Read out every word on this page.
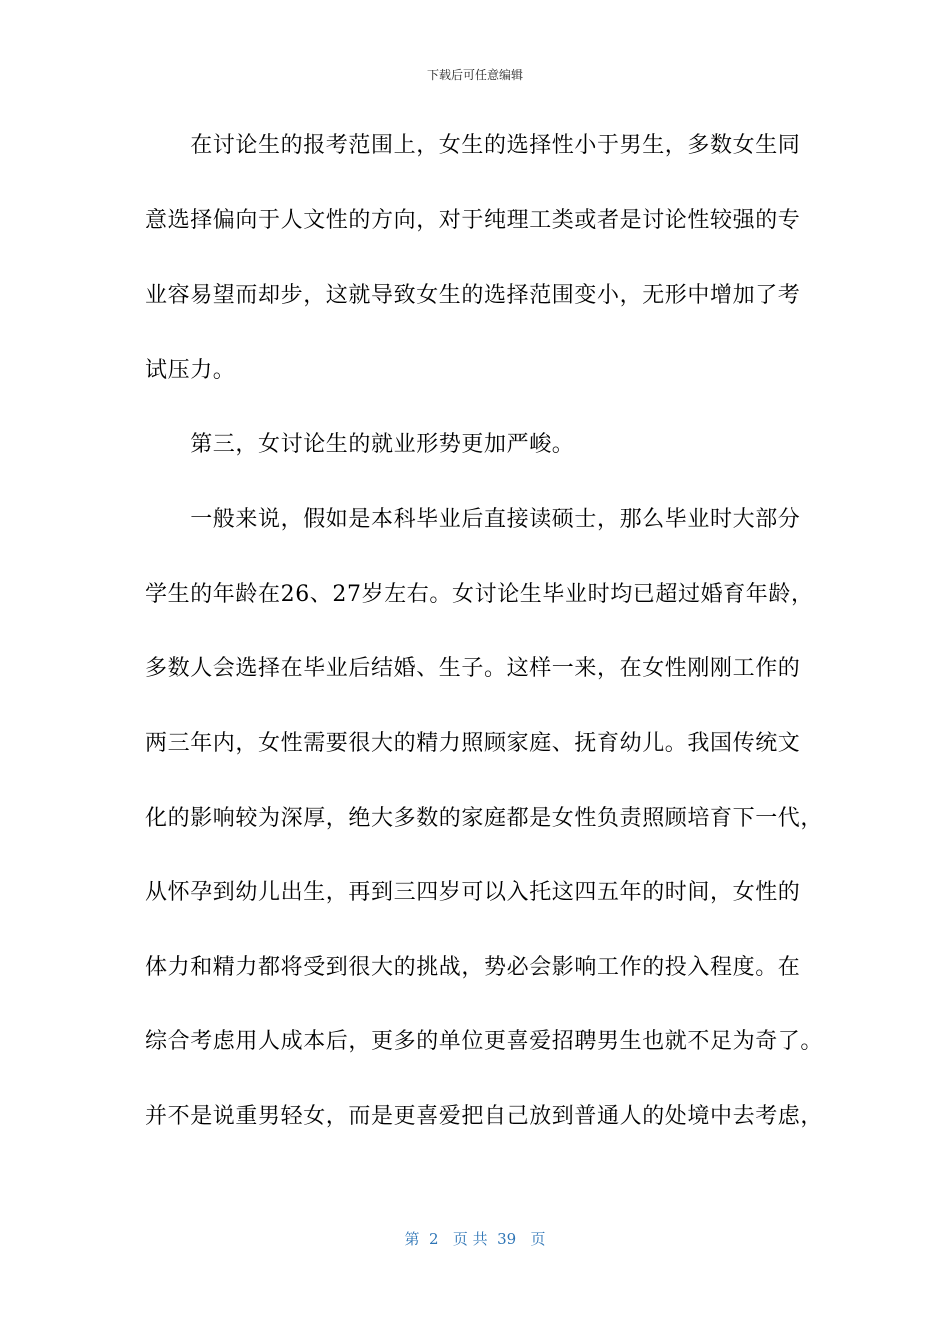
下载后可任意编辑
　　在讨论生的报考范围上，女生的选择性小于男生，多数女生同
意选择偏向于人文性的方向，对于纯理工类或者是讨论性较强的专
业容易望而却步，这就导致女生的选择范围变小，无形中增加了考
试压力。
　　第三，女讨论生的就业形势更加严峻。
　　一般来说，假如是本科毕业后直接读硕士，那么毕业时大部分
学生的年龄在26、27岁左右。女讨论生毕业时均已超过婚育年龄，
多数人会选择在毕业后结婚、生子。这样一来，在女性刚刚工作的
两三年内，女性需要很大的精力照顾家庭、抚育幼儿。我国传统文
化的影响较为深厚，绝大多数的家庭都是女性负责照顾培育下一代，
从怀孕到幼儿出生，再到三四岁可以入托这四五年的时间，女性的
体力和精力都将受到很大的挑战，势必会影响工作的投入程度。在
综合考虑用人成本后，更多的单位更喜爱招聘男生也就不足为奇了。
并不是说重男轻女，而是更喜爱把自己放到普通人的处境中去考虑，
第  2   页 共  39   页
